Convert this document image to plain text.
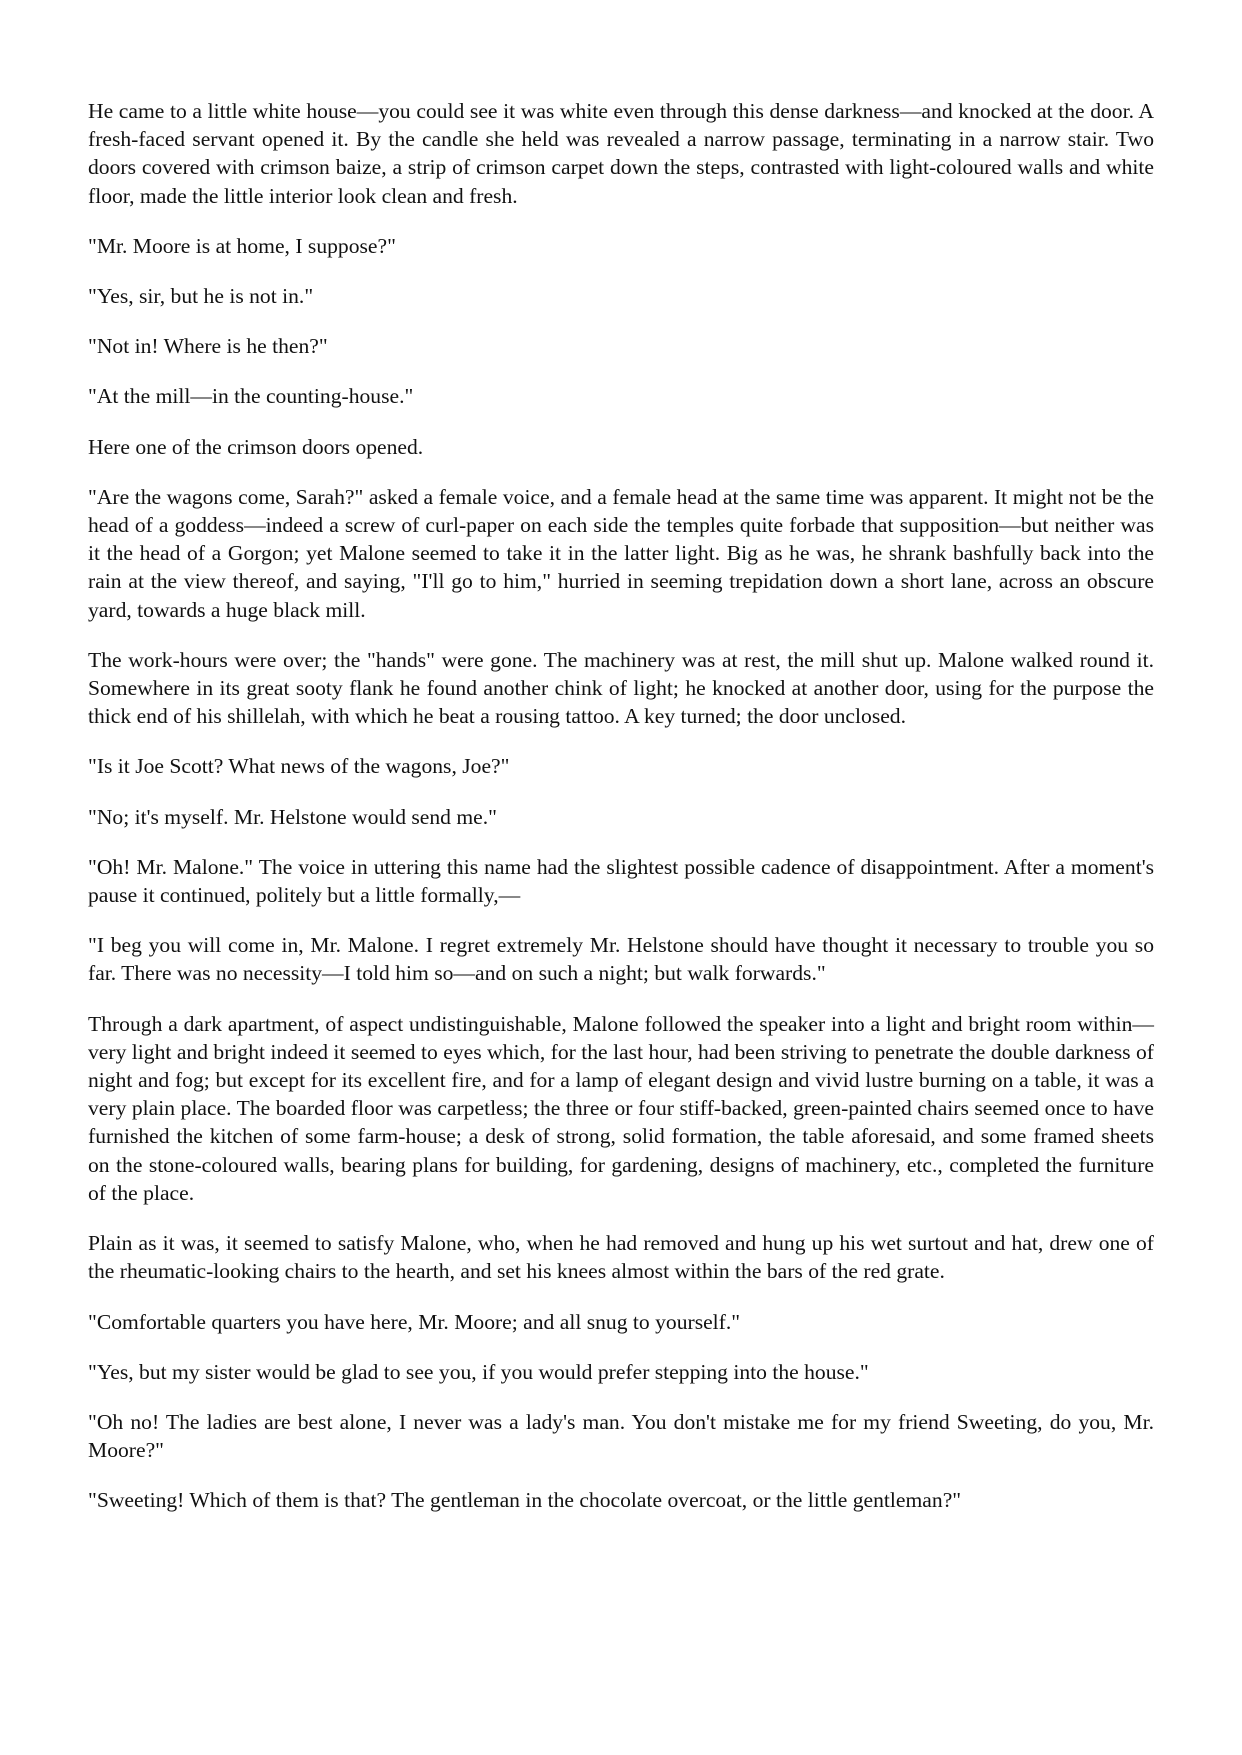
He came to a little white house—you could see it was white even through this dense darkness—and knocked at the door. A fresh-faced servant opened it. By the candle she held was revealed a narrow passage, terminating in a narrow stair. Two doors covered with crimson baize, a strip of crimson carpet down the steps, contrasted with light-coloured walls and white floor, made the little interior look clean and fresh.

"Mr. Moore is at home, I suppose?"

"Yes, sir, but he is not in."

"Not in! Where is he then?"

"At the mill—in the counting-house."

Here one of the crimson doors opened.

"Are the wagons come, Sarah?" asked a female voice, and a female head at the same time was apparent. It might not be the head of a goddess—indeed a screw of curl-paper on each side the temples quite forbade that supposition—but neither was it the head of a Gorgon; yet Malone seemed to take it in the latter light. Big as he was, he shrank bashfully back into the rain at the view thereof, and saying, "I'll go to him," hurried in seeming trepidation down a short lane, across an obscure yard, towards a huge black mill.

The work-hours were over; the "hands" were gone. The machinery was at rest, the mill shut up. Malone walked round it. Somewhere in its great sooty flank he found another chink of light; he knocked at another door, using for the purpose the thick end of his shillelah, with which he beat a rousing tattoo. A key turned; the door unclosed.

"Is it Joe Scott? What news of the wagons, Joe?"

"No; it's myself. Mr. Helstone would send me."

"Oh! Mr. Malone." The voice in uttering this name had the slightest possible cadence of disappointment. After a moment's pause it continued, politely but a little formally,—

"I beg you will come in, Mr. Malone. I regret extremely Mr. Helstone should have thought it necessary to trouble you so far. There was no necessity—I told him so—and on such a night; but walk forwards."

Through a dark apartment, of aspect undistinguishable, Malone followed the speaker into a light and bright room within—very light and bright indeed it seemed to eyes which, for the last hour, had been striving to penetrate the double darkness of night and fog; but except for its excellent fire, and for a lamp of elegant design and vivid lustre burning on a table, it was a very plain place. The boarded floor was carpetless; the three or four stiff-backed, green-painted chairs seemed once to have furnished the kitchen of some farm-house; a desk of strong, solid formation, the table aforesaid, and some framed sheets on the stone-coloured walls, bearing plans for building, for gardening, designs of machinery, etc., completed the furniture of the place.

Plain as it was, it seemed to satisfy Malone, who, when he had removed and hung up his wet surtout and hat, drew one of the rheumatic-looking chairs to the hearth, and set his knees almost within the bars of the red grate.

"Comfortable quarters you have here, Mr. Moore; and all snug to yourself."

"Yes, but my sister would be glad to see you, if you would prefer stepping into the house."

"Oh no! The ladies are best alone, I never was a lady's man. You don't mistake me for my friend Sweeting, do you, Mr. Moore?"

"Sweeting! Which of them is that? The gentleman in the chocolate overcoat, or the little gentleman?"
